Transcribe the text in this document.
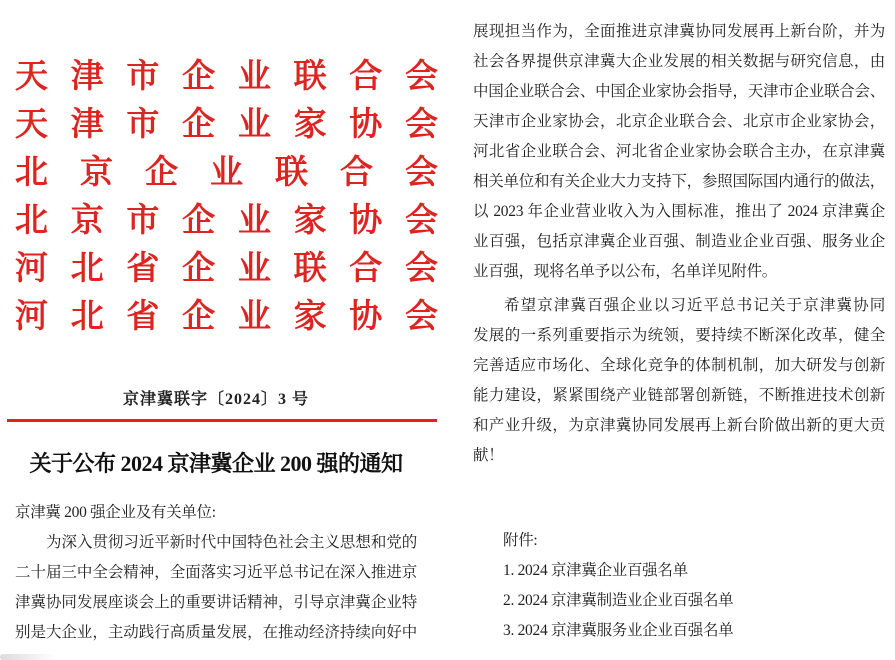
天津市企业联合会
天津市企业家协会
北京企业联合会
北京市企业家协会
河北省企业联合会
河北省企业家协会
京津冀联字〔2024〕3 号
关于公布 2024 京津冀企业 200 强的通知
京津冀 200 强企业及有关单位:
为深入贯彻习近平新时代中国特色社会主义思想和党的
二十届三中全会精神，全面落实习近平总书记在深入推进京
津冀协同发展座谈会上的重要讲话精神，引导京津冀企业特
别是大企业，主动践行高质量发展，在推动经济持续向好中
展现担当作为，全面推进京津冀协同发展再上新台阶，并为
社会各界提供京津冀大企业发展的相关数据与研究信息，由
中国企业联合会、中国企业家协会指导，天津市企业联合会、
天津市企业家协会，北京企业联合会、北京市企业家协会，
河北省企业联合会、河北省企业家协会联合主办，在京津冀
相关单位和有关企业大力支持下，参照国际国内通行的做法，
以 2023 年企业营业收入为入围标准，推出了 2024 京津冀企
业百强，包括京津冀企业百强、制造业企业百强、服务业企
业百强，现将名单予以公布，名单详见附件。
希望京津冀百强企业以习近平总书记关于京津冀协同
发展的一系列重要指示为统领，要持续不断深化改革，健全
完善适应市场化、全球化竞争的体制机制，加大研发与创新
能力建设，紧紧围绕产业链部署创新链，不断推进技术创新
和产业升级，为京津冀协同发展再上新台阶做出新的更大贡
献！
附件:
1. 2024 京津冀企业百强名单
2. 2024 京津冀制造业企业百强名单
3. 2024 京津冀服务业企业百强名单
